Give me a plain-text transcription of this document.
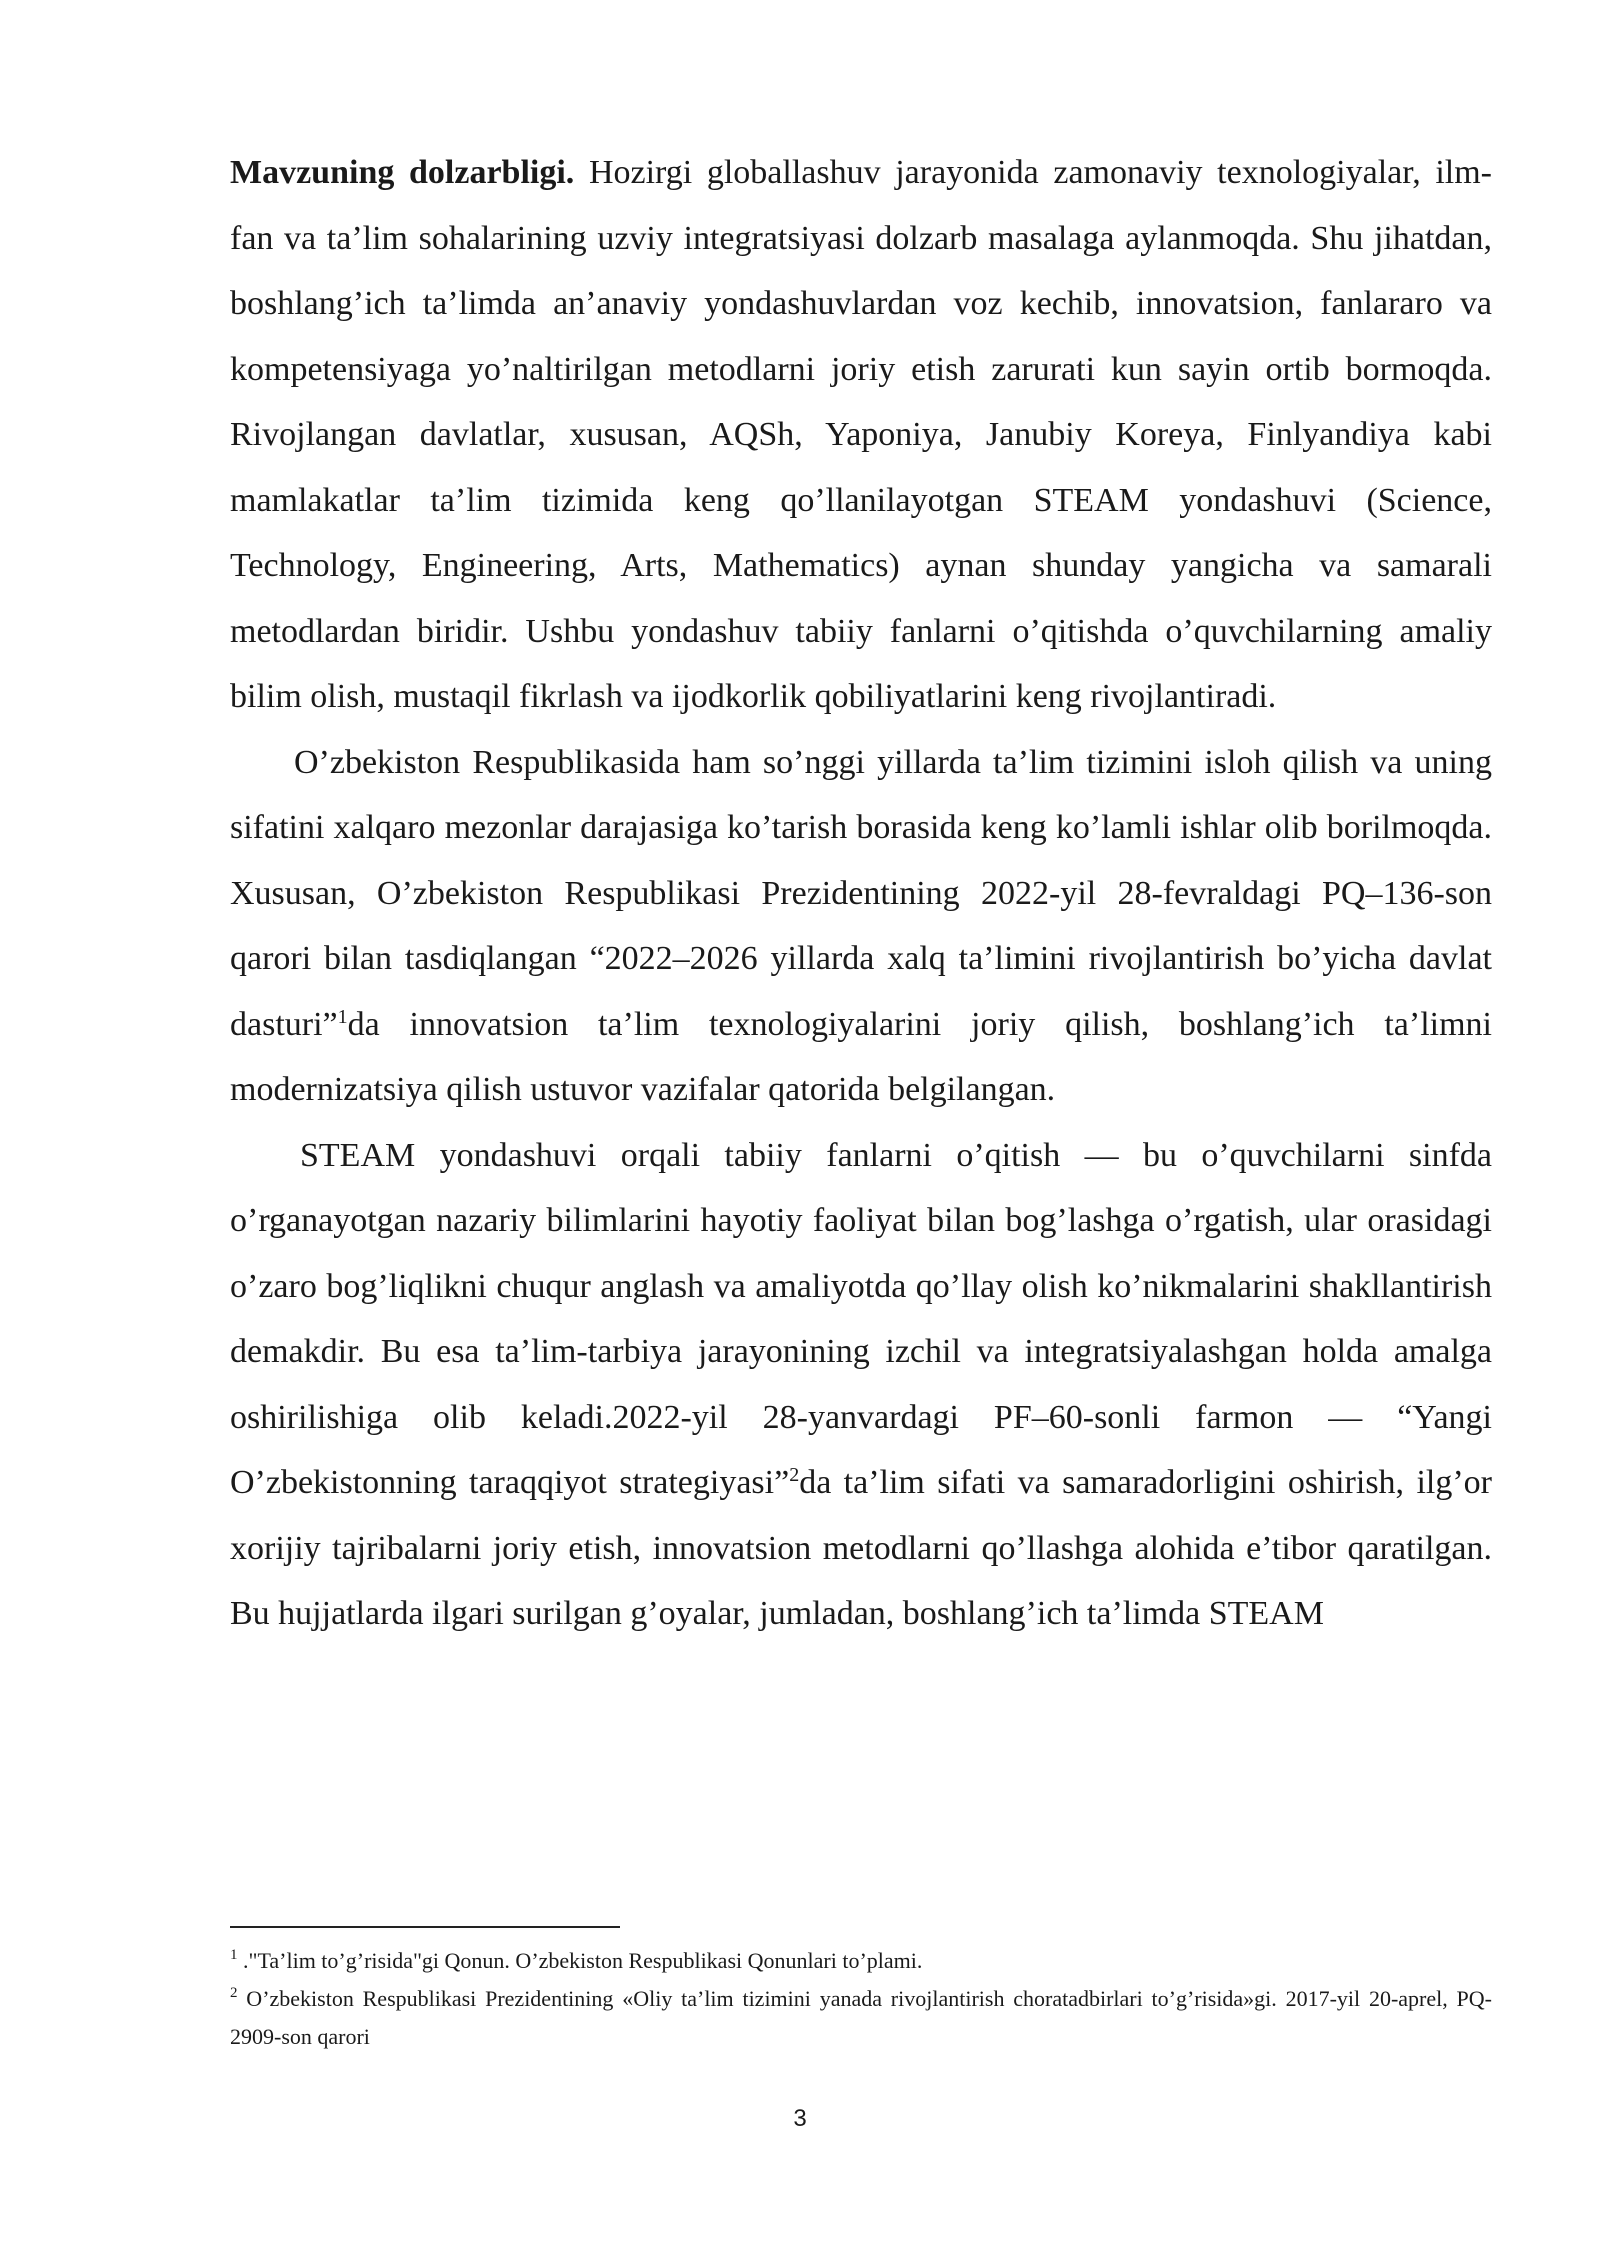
Mavzuning dolzarbligi. Hozirgi globallashuv jarayonida zamonaviy texnologiyalar, ilm-fan va ta’lim sohalarining uzviy integratsiyasi dolzarb masalaga aylanmoqda. Shu jihatdan, boshlang’ich ta’limda an’anaviy yondashuvlardan voz kechib, innovatsion, fanlararo va kompetensiyaga yo’naltirilgan metodlarni joriy etish zarurati kun sayin ortib bormoqda. Rivojlangan davlatlar, xususan, AQSh, Yaponiya, Janubiy Koreya, Finlyandiya kabi mamlakatlar ta’lim tizimida keng qo’llanilayotgan STEAM yondashuvi (Science, Technology, Engineering, Arts, Mathematics) aynan shunday yangicha va samarali metodlardan biridir. Ushbu yondashuv tabiiy fanlarni o’qitishda o’quvchilarning amaliy bilim olish, mustaqil fikrlash va ijodkorlik qobiliyatlarini keng rivojlantiradi.

O’zbekiston Respublikasida ham so’nggi yillarda ta’lim tizimini isloh qilish va uning sifatini xalqaro mezonlar darajasiga ko’tarish borasida keng ko’lamli ishlar olib borilmoqda. Xususan, O’zbekiston Respublikasi Prezidentining 2022-yil 28-fevraldagi PQ–136-son qarori bilan tasdiqlangan “2022–2026 yillarda xalq ta’limini rivojlantirish bo’yicha davlat dasturi”$^1$da innovatsion ta’lim texnologiyalarini joriy qilish, boshlang’ich ta’limni modernizatsiya qilish ustuvor vazifalar qatorida belgilangan.

STEAM yondashuvi orqali tabiiy fanlarni o’qitish — bu o’quvchilarni sinfda o’rganayotgan nazariy bilimlarini hayotiy faoliyat bilan bog’lashga o’rgatish, ular orasidagi o’zaro bog’liqlikni chuqur anglash va amaliyotda qo’llay olish ko’nikmalarini shakllantirish demakdir. Bu esa ta’lim-tarbiya jarayonining izchil va integratsiyalashgan holda amalga oshirilishiga olib keladi.2022-yil 28-yanvardagi PF–60-sonli farmon — “Yangi O’zbekistonning taraqqiyot strategiyasi”$^2$da ta’lim sifati va samaradorligini oshirish, ilg’or xorijiy tajribalarni joriy etish, innovatsion metodlarni qo’llashga alohida e’tibor qaratilgan. Bu hujjatlarda ilgari surilgan g’oyalar, jumladan, boshlang’ich ta’limda STEAM

$^1$ ."Ta’lim to’g’risida"gi Qonun. O’zbekiston Respublikasi Qonunlari to’plami.

$^2$ O’zbekiston Respublikasi Prezidentining «Oliy ta’lim tizimini yanada rivojlantirish choratadbirlari to’g’risida»gi. 2017-yil 20-aprel, PQ-2909-son qarori

3
